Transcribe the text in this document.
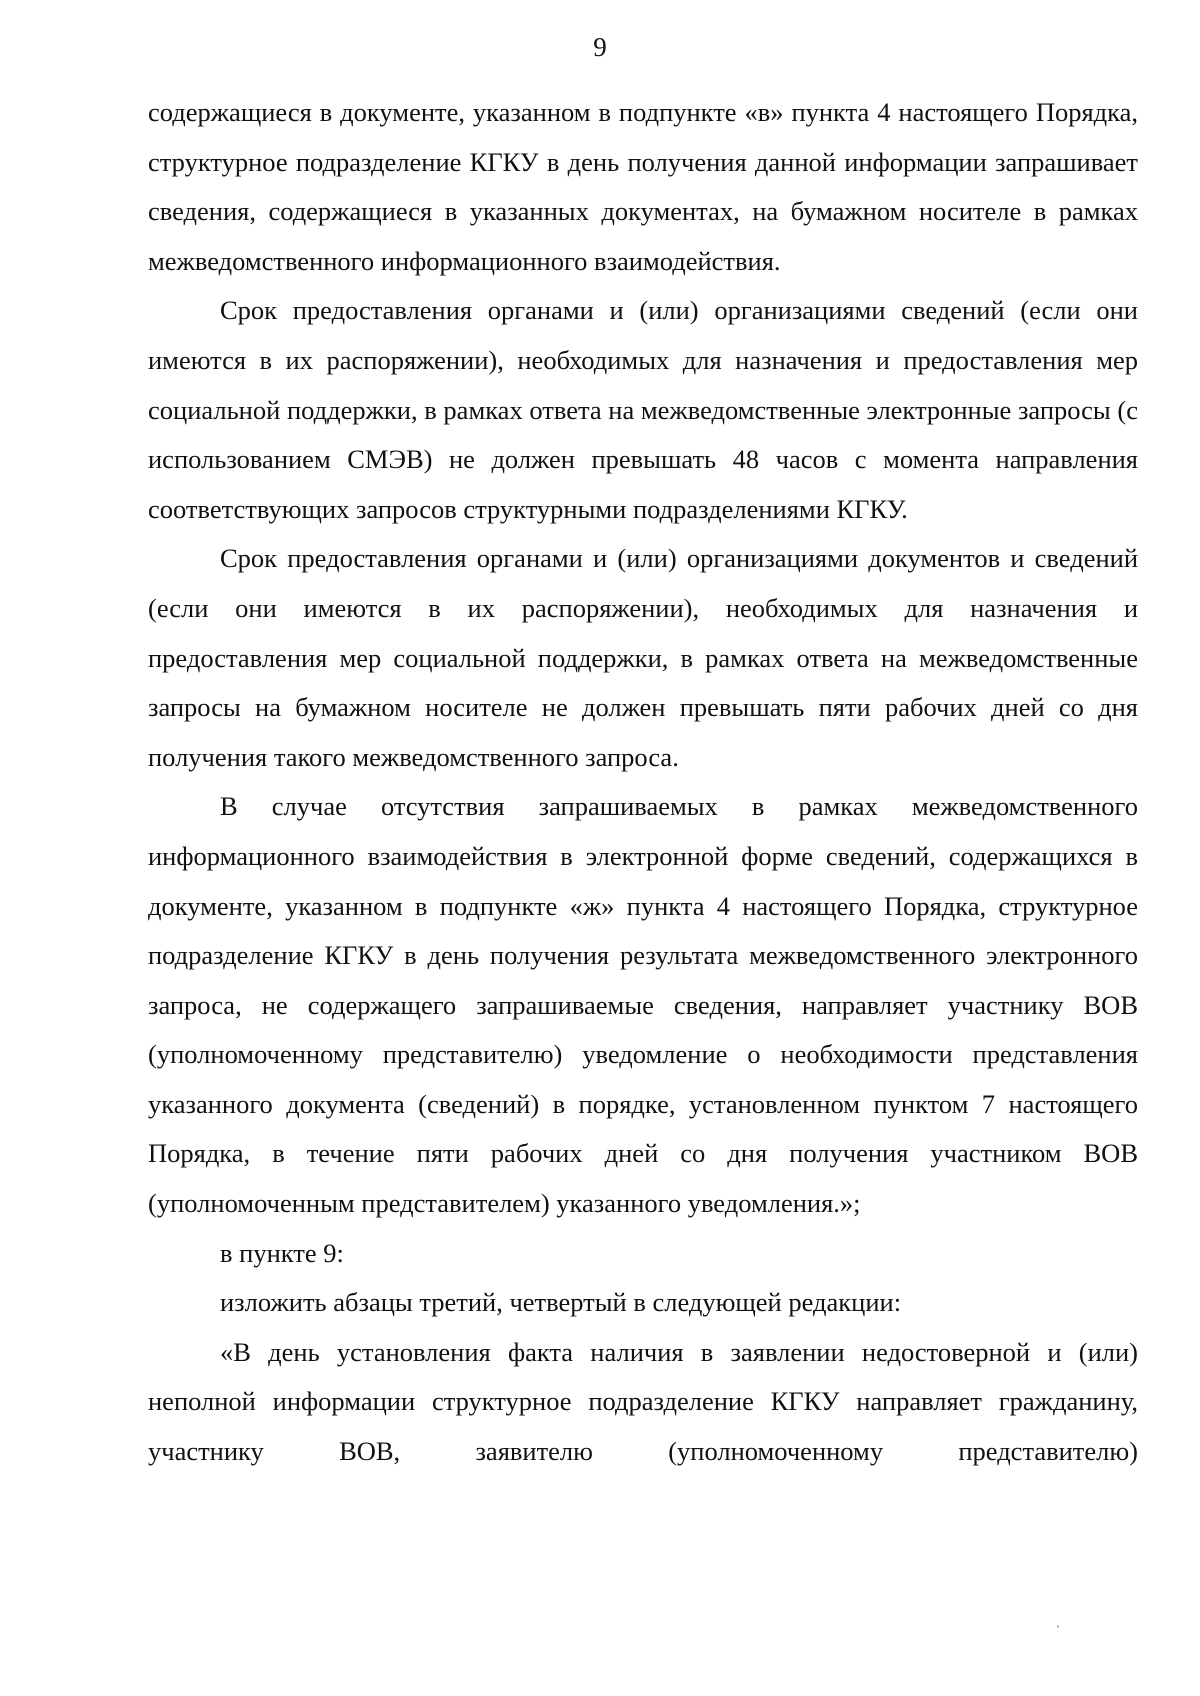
9

содержащиеся в документе, указанном в подпункте «в» пункта 4 настоящего Порядка, структурное подразделение КГКУ в день получения данной информации запрашивает сведения, содержащиеся в указанных документах, на бумажном носителе в рамках межведомственного информационного взаимодействия.

Срок предоставления органами и (или) организациями сведений (если они имеются в их распоряжении), необходимых для назначения и предоставления мер социальной поддержки, в рамках ответа на межведомственные электронные запросы (с использованием СМЭВ) не должен превышать 48 часов с момента направления соответствующих запросов структурными подразделениями КГКУ.

Срок предоставления органами и (или) организациями документов и сведений (если они имеются в их распоряжении), необходимых для назначения и предоставления мер социальной поддержки, в рамках ответа на межведомственные запросы на бумажном носителе не должен превышать пяти рабочих дней со дня получения такого межведомственного запроса.

В случае отсутствия запрашиваемых в рамках межведомственного информационного взаимодействия в электронной форме сведений, содержащихся в документе, указанном в подпункте «ж» пункта 4 настоящего Порядка, структурное подразделение КГКУ в день получения результата межведомственного электронного запроса, не содержащего запрашиваемые сведения, направляет участнику ВОВ (уполномоченному представителю) уведомление о необходимости представления указанного документа (сведений) в порядке, установленном пунктом 7 настоящего Порядка, в течение пяти рабочих дней со дня получения участником ВОВ (уполномоченным представителем) указанного уведомления.»;

в пункте 9:

изложить абзацы третий, четвертый в следующей редакции:

«В день установления факта наличия в заявлении недостоверной и (или) неполной информации структурное подразделение КГКУ направляет гражданину, участнику ВОВ, заявителю (уполномоченному представителю)
